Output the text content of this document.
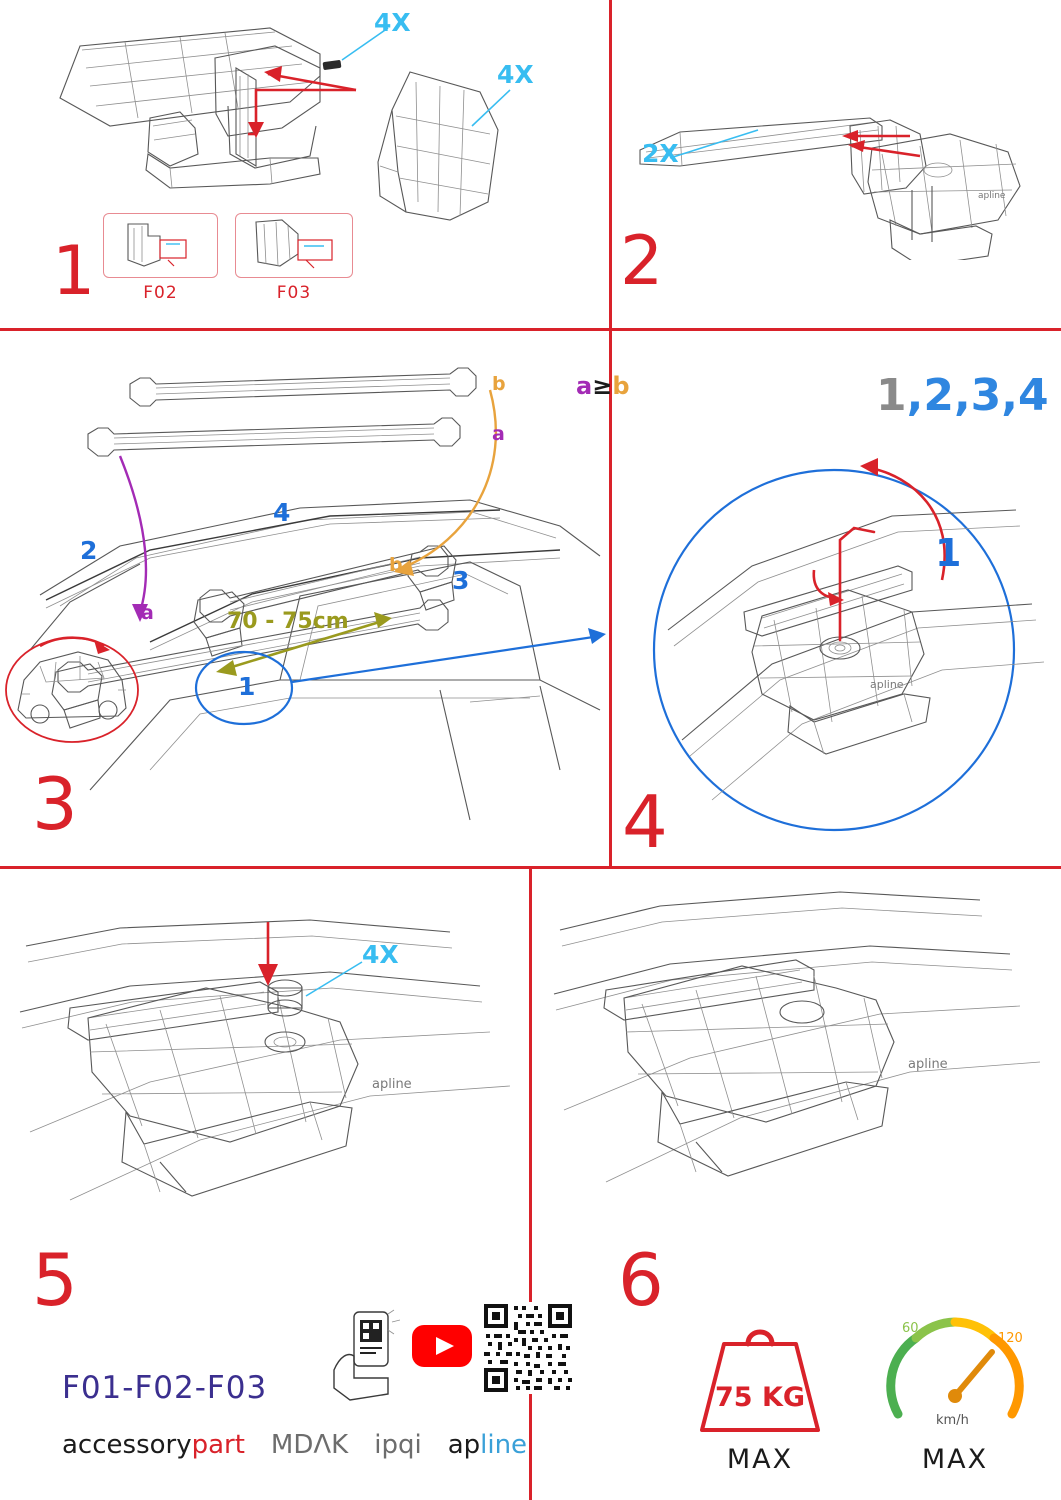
1
4X
4X
F02	F03	2
apline
2X
3
70 - 75cm
a
b
a
b
1
2
3
4
a≥b
4
apline
1,2,3,4
1
5
apline
4X
apline
F01-F02-F03
accessorypart MDΛK ipqi apline
6
75 KG
MAX
60
120
km/h
MAX
